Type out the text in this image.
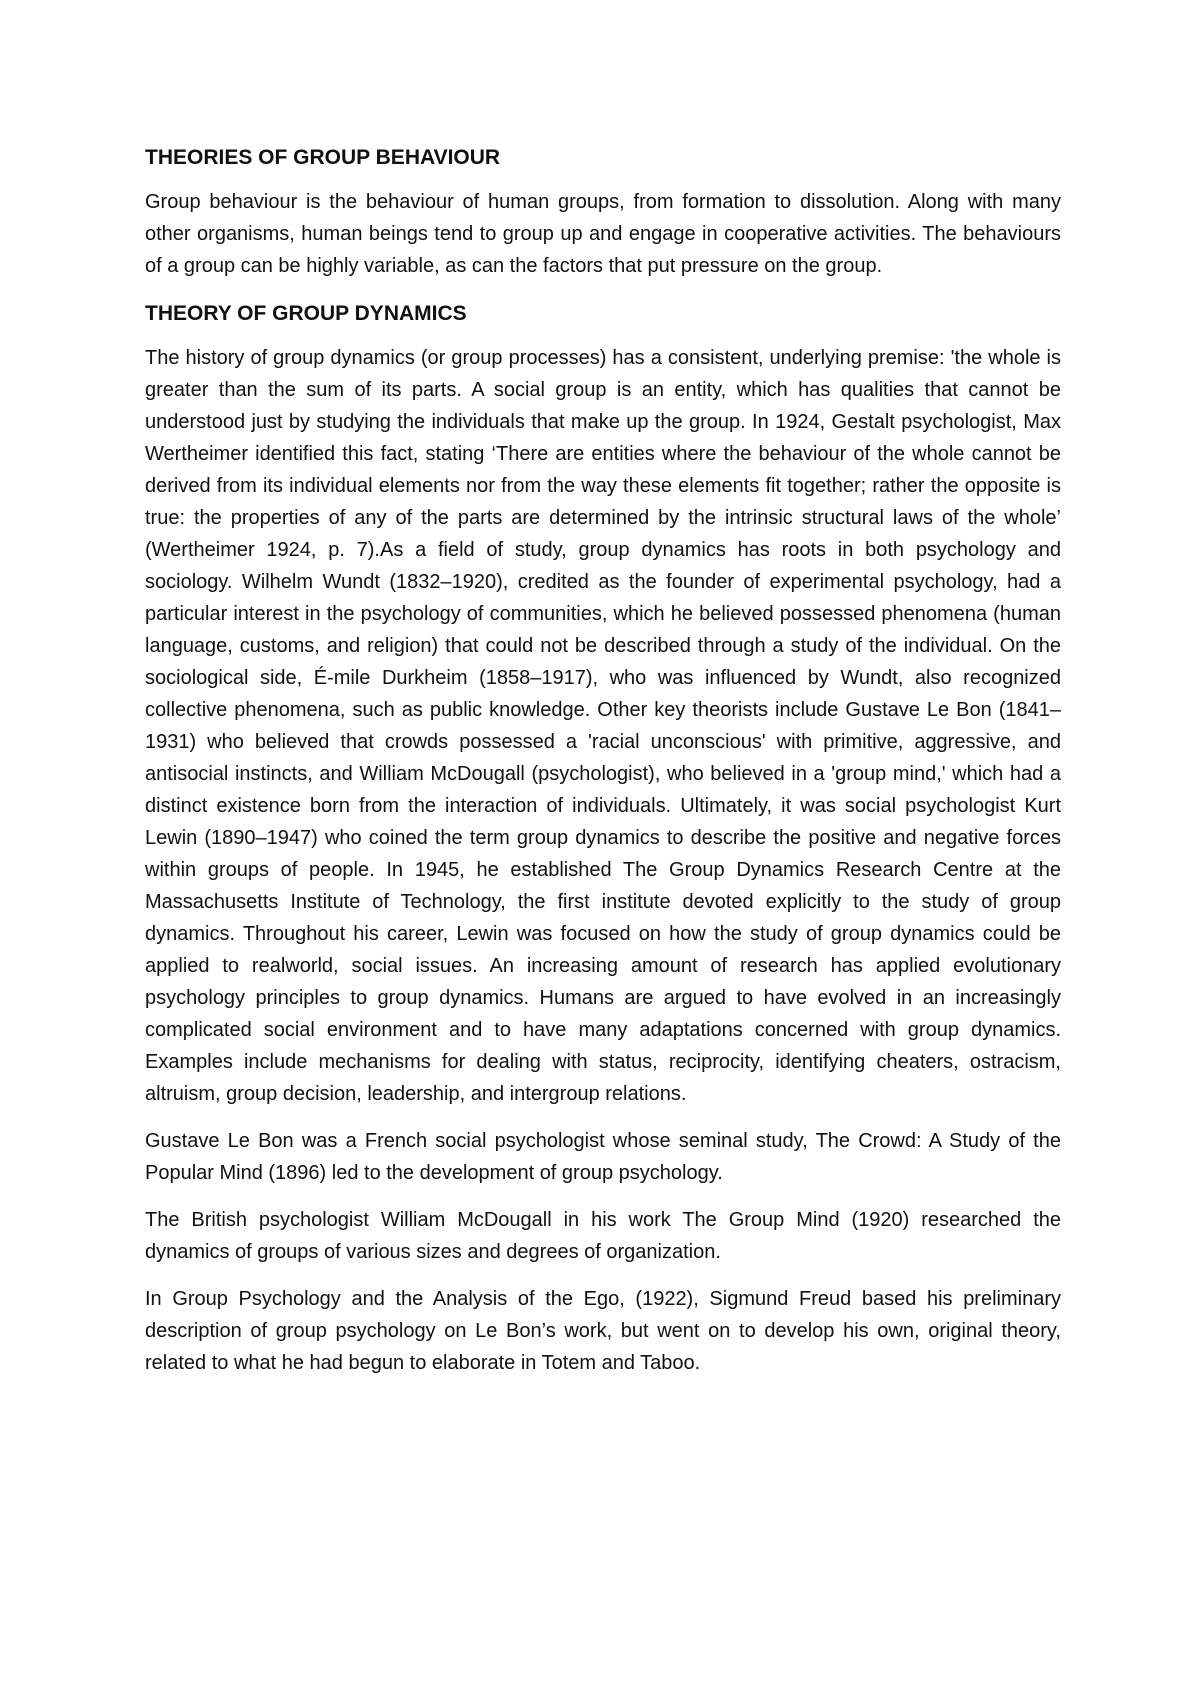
THEORIES OF GROUP BEHAVIOUR

Group behaviour is the behaviour of human groups, from formation to dissolution. Along with many other organisms, human beings tend to group up and engage in cooperative activities. The behaviours of a group can be highly variable, as can the factors that put pressure on the group.

THEORY OF GROUP DYNAMICS

The history of group dynamics (or group processes) has a consistent, underlying premise: 'the whole is greater than the sum of its parts. A social group is an entity, which has qualities that cannot be understood just by studying the individuals that make up the group. In 1924, Gestalt psychologist, Max Wertheimer identified this fact, stating ‘There are entities where the behaviour of the whole cannot be derived from its individual elements nor from the way these elements fit together; rather the opposite is true: the properties of any of the parts are determined by the intrinsic structural laws of the whole’ (Wertheimer 1924, p. 7).As a field of study, group dynamics has roots in both psychology and sociology. Wilhelm Wundt (1832–1920), credited as the founder of experimental psychology, had a particular interest in the psychology of communities, which he believed possessed phenomena (human language, customs, and religion) that could not be described through a study of the individual. On the sociological side, É-mile Durkheim (1858–1917), who was influenced by Wundt, also recognized collective phenomena, such as public knowledge. Other key theorists include Gustave Le Bon (1841–1931) who believed that crowds possessed a 'racial unconscious' with primitive, aggressive, and antisocial instincts, and William McDougall (psychologist), who believed in a 'group mind,' which had a distinct existence born from the interaction of individuals. Ultimately, it was social psychologist Kurt Lewin (1890–1947) who coined the term group dynamics to describe the positive and negative forces within groups of people. In 1945, he established The Group Dynamics Research Centre at the Massachusetts Institute of Technology, the first institute devoted explicitly to the study of group dynamics. Throughout his career, Lewin was focused on how the study of group dynamics could be applied to realworld, social issues. An increasing amount of research has applied evolutionary psychology principles to group dynamics. Humans are argued to have evolved in an increasingly complicated social environment and to have many adaptations concerned with group dynamics. Examples include mechanisms for dealing with status, reciprocity, identifying cheaters, ostracism, altruism, group decision, leadership, and intergroup relations.

Gustave Le Bon was a French social psychologist whose seminal study, The Crowd: A Study of the Popular Mind (1896) led to the development of group psychology.

The British psychologist William McDougall in his work The Group Mind (1920) researched the dynamics of groups of various sizes and degrees of organization.

In Group Psychology and the Analysis of the Ego, (1922), Sigmund Freud based his preliminary description of group psychology on Le Bon’s work, but went on to develop his own, original theory, related to what he had begun to elaborate in Totem and Taboo.
